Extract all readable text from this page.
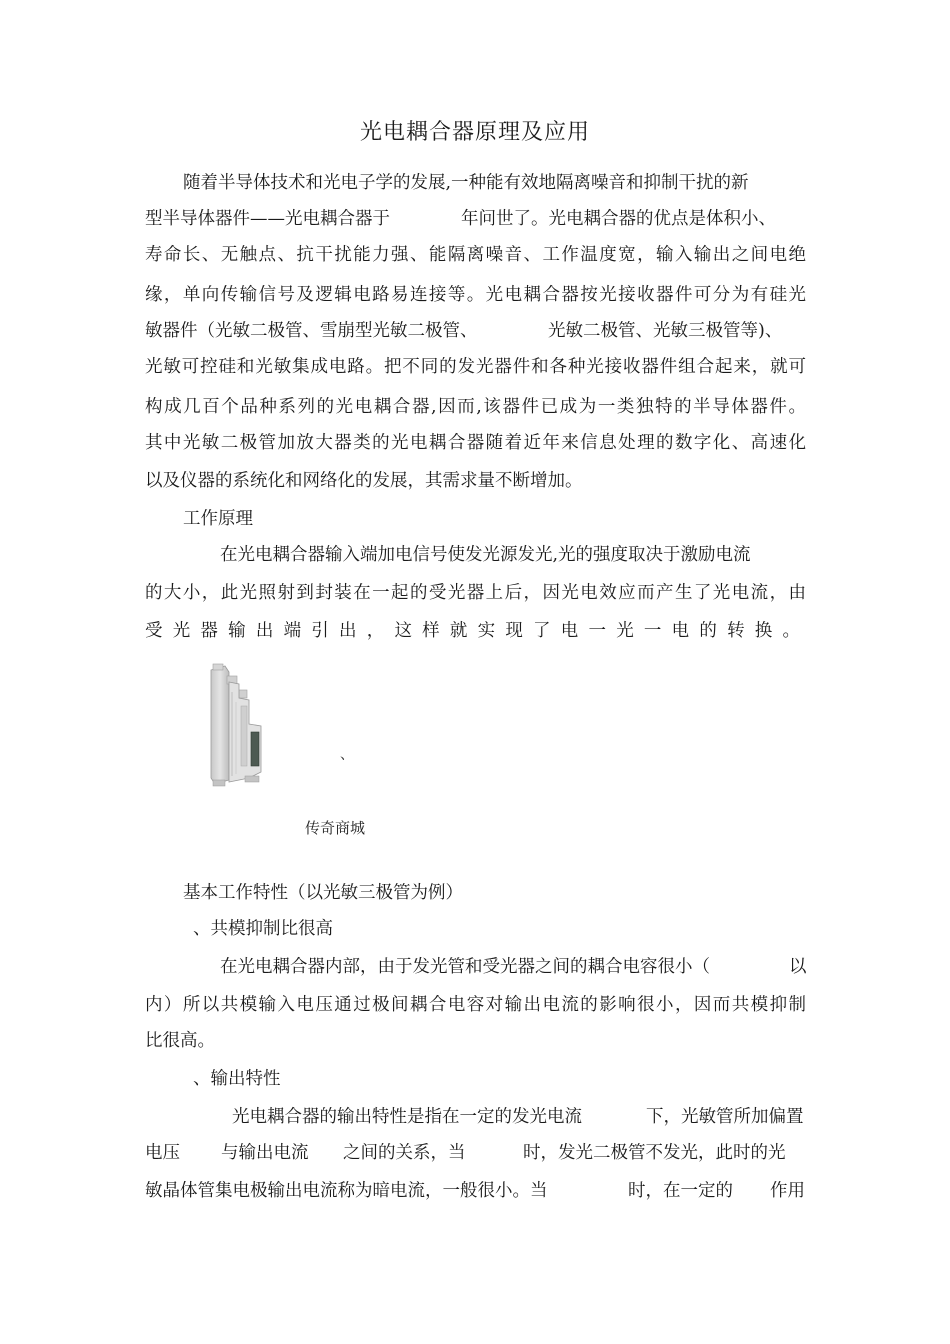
光电耦合器原理及应用
随着半导体技术和光电子学的发展,一种能有效地隔离噪音和抑制干扰的新
型半导体器件——光电耦合器于	年问世了。光电耦合器的优点是体积小、
寿命长、无触点、抗干扰能力强、能隔离噪音、工作温度宽，输入输出之间电绝
缘，单向传输信号及逻辑电路易连接等。光电耦合器按光接收器件可分为有硅光
敏器件（光敏二极管、雪崩型光敏二极管、	光敏二极管、光敏三极管等)、
光敏可控硅和光敏集成电路。把不同的发光器件和各种光接收器件组合起来，就可
构成几百个品种系列的光电耦合器,因而,该器件已成为一类独特的半导体器件。
其中光敏二极管加放大器类的光电耦合器随着近年来信息处理的数字化、高速化
以及仪器的系统化和网络化的发展，其需求量不断增加。
工作原理
在光电耦合器输入端加电信号使发光源发光,光的强度取决于激励电流
的大小，此光照射到封装在一起的受光器上后，因光电效应而产生了光电流，由
受光器输出端引出，这样就实现了电一光一电的转换。
、
传奇商城
基本工作特性（以光敏三极管为例）
、共模抑制比很高
在光电耦合器内部，由于发光管和受光器之间的耦合电容很小（	以
内）所以共模输入电压通过极间耦合电容对输出电流的影响很小，因而共模抑制
比很高。
、输出特性
光电耦合器的输出特性是指在一定的发光电流	下，光敏管所加偏置
电压 与输出电流 之间的关系，当	时，发光二极管不发光，此时的光
敏晶体管集电极输出电流称为暗电流，一般很小。当	时，在一定的 作用
